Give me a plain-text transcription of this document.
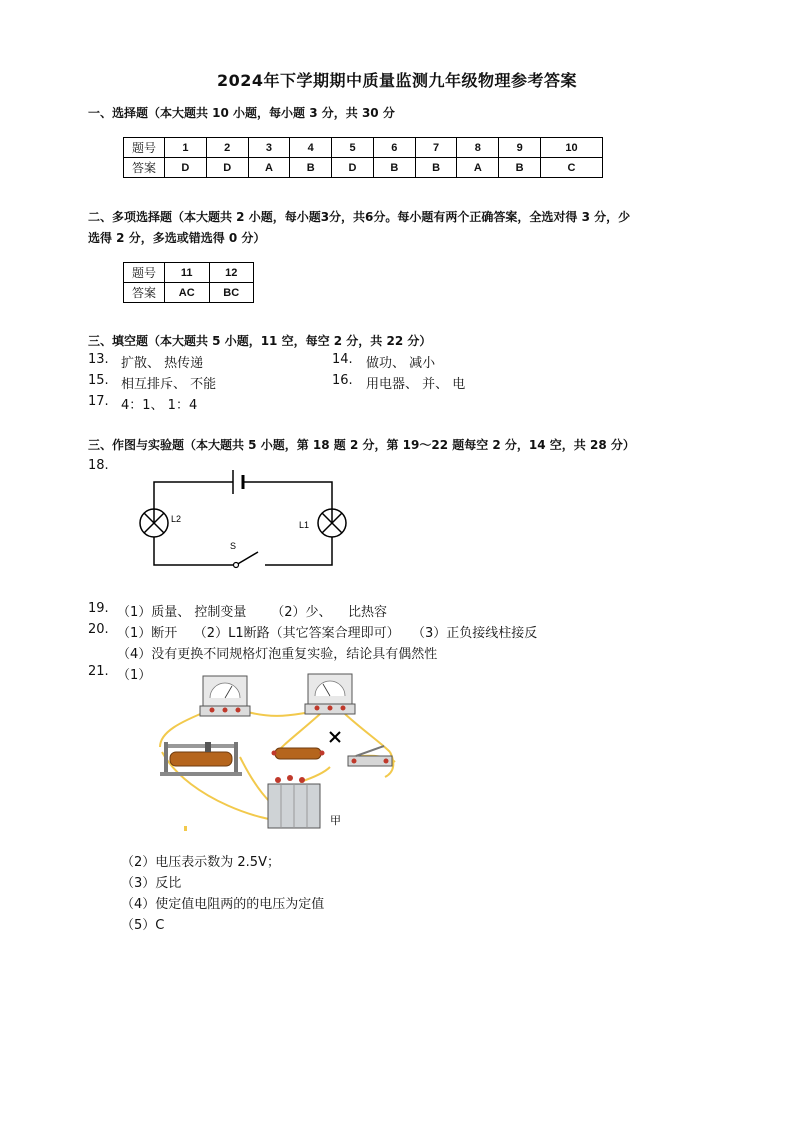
2024年下学期期中质量监测九年级物理参考答案
一、选择题（本大题共 10 小题，每小题 3 分，共 30 分
题号	1	2	3	4	5	6	7	8	9	10
答案	D	D	A	B	D	B	B	A	B	C
二、多项选择题（本大题共 2 小题，每小题3分，共6分。每小题有两个正确答案，全选对得 3 分，少
选得 2 分，多选或错选得 0 分）
题号	11	12
答案	AC	BC
三、填空题（本大题共 5 小题，11 空，每空 2 分，共 22 分）
13. 扩散、 热传递	14. 做功、 减小
15. 相互排斥、 不能	16. 用电器、 并、 电
17. 4：1、 1：4
三、作图与实验题（本大题共 5 小题，第 18 题 2 分，第 19～22 题每空 2 分，14 空，共 28 分）
18.
L2
L1
S
19. （1）质量、 控制变量      （2）少、    比热容
20. （1）断开    （2）L1断路（其它答案合理即可）   （3）正负接线柱接反
（4）没有更换不同规格灯泡重复实验，结论具有偶然性
21. （1）
甲
（2）电压表示数为 2.5V；
（3）反比
（4）使定值电阻两的的电压为定值
（5）C
